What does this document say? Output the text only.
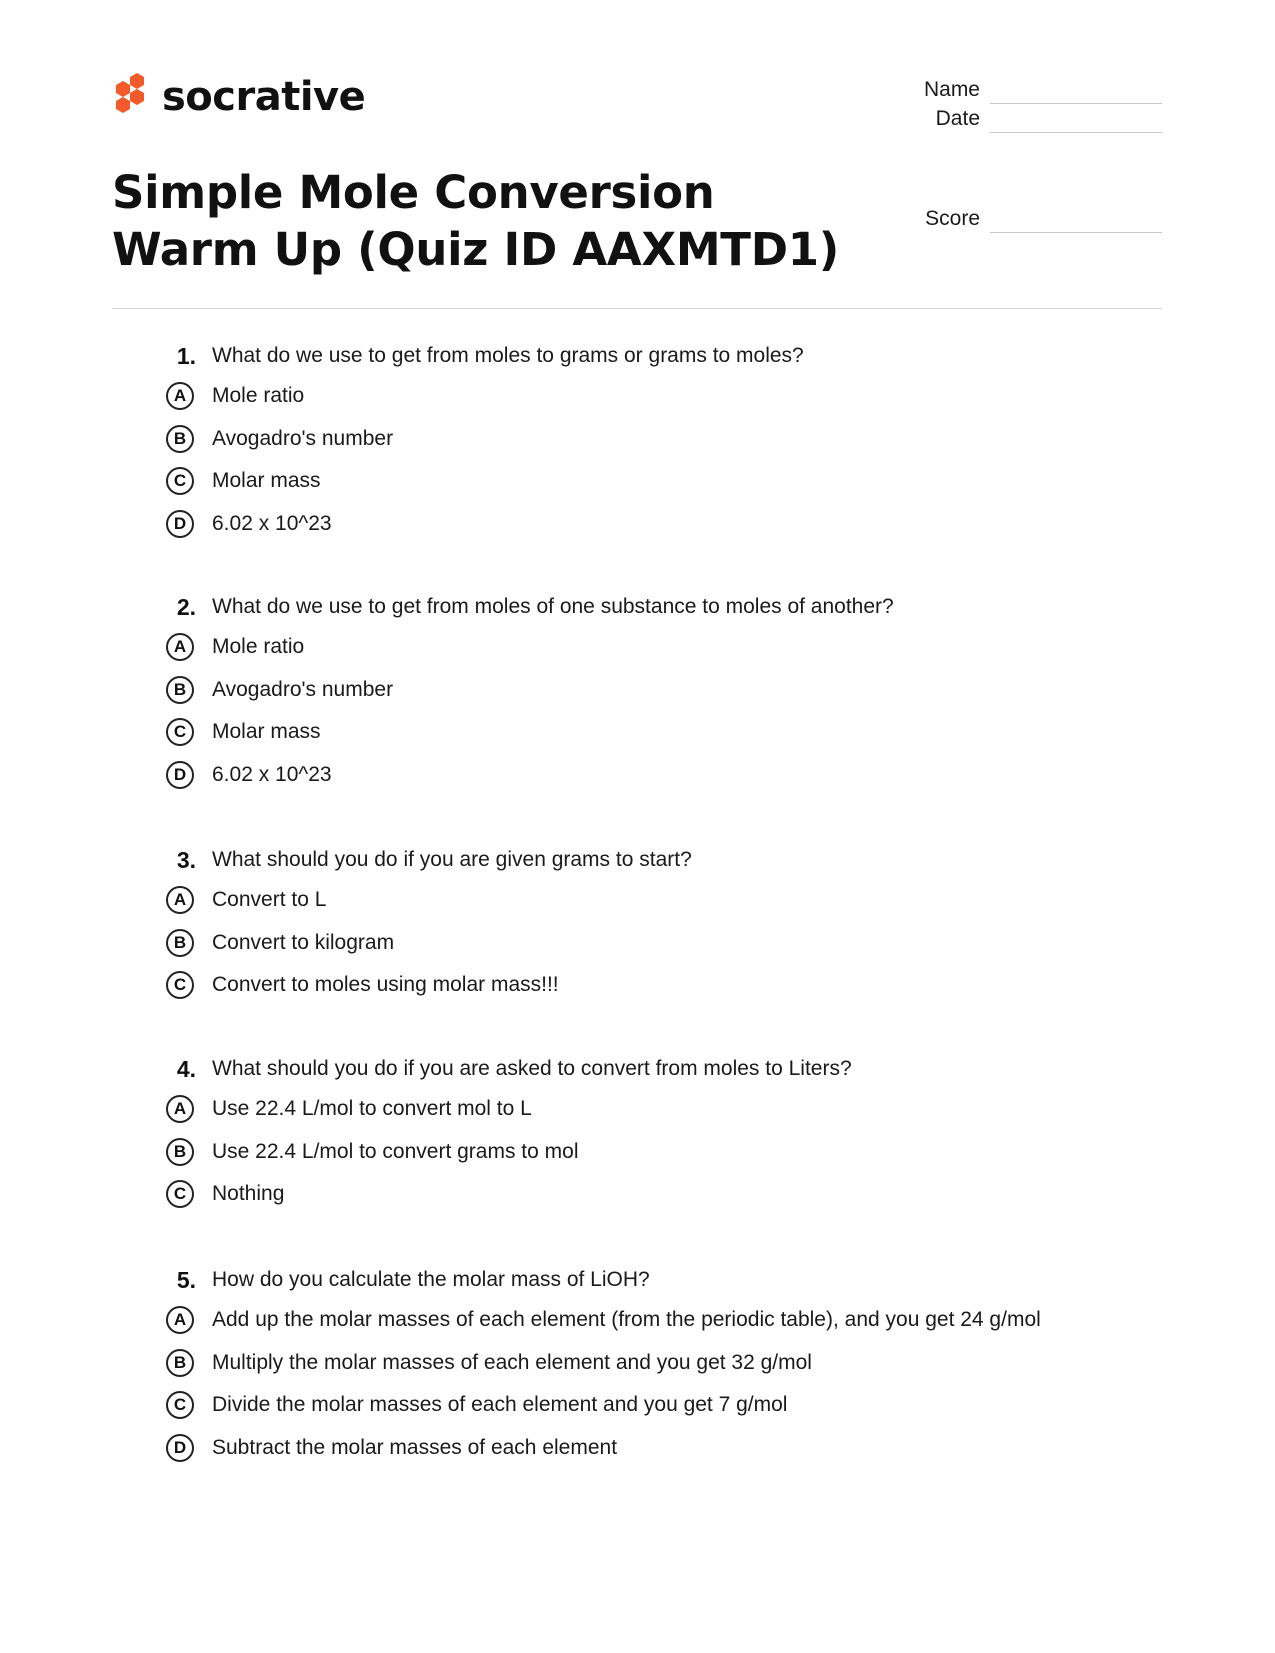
socrative	Name
Date
Score
Simple Mole Conversion Warm Up (Quiz ID AAXMTD1)
1. What do we use to get from moles to grams or grams to moles?
A	Mole ratio
B	Avogadro's number
C	Molar mass
D	6.02 x 10^23
2. What do we use to get from moles of one substance to moles of another?
A	Mole ratio
B	Avogadro's number
C	Molar mass
D	6.02 x 10^23
3. What should you do if you are given grams to start?
A	Convert to L
B	Convert to kilogram
C	Convert to moles using molar mass!!!
4. What should you do if you are asked to convert from moles to Liters?
A	Use 22.4 L/mol to convert mol to L
B	Use 22.4 L/mol to convert grams to mol
C	Nothing
5. How do you calculate the molar mass of LiOH?
A	Add up the molar masses of each element (from the periodic table), and you get 24 g/mol
B	Multiply the molar masses of each element and you get 32 g/mol
C	Divide the molar masses of each element and you get 7 g/mol
D	Subtract the molar masses of each element
